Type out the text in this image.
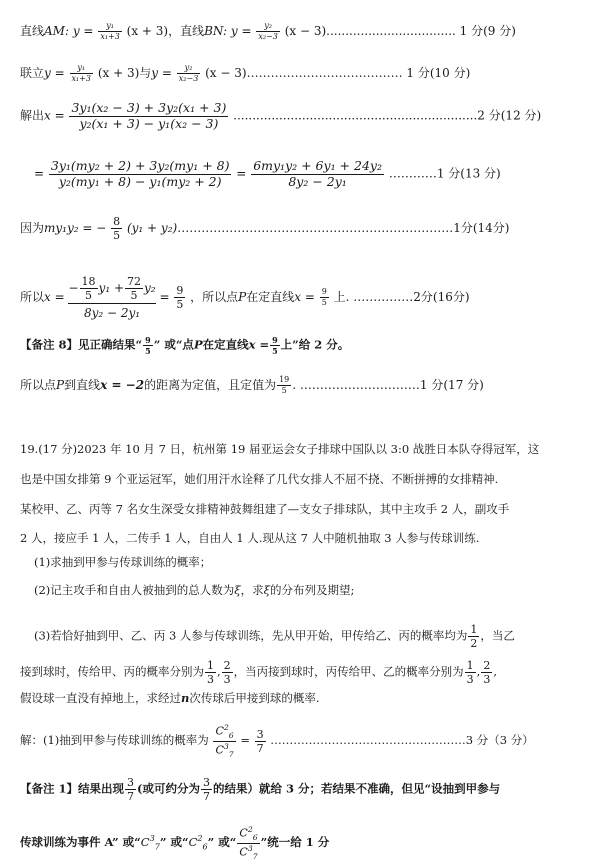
直线AM: $y = \frac{\text{y₁}}{\text{x₁+3}} (x + 3)$，直线BN: $y = \frac{\text{y₂}}{\text{x₂−3}} (x - 3)$.................................. 1 分(9 分)
联立$y = \frac{\text{y₁}}{\text{x₁+3}} (x + 3)$与$y = \frac{\text{y₂}}{\text{x₂−3}} (x$ − 3)………………………………… 1 分(10 分)
解出$x = \frac{\text{3y₁(x₂ − 3) + 3y₂(x₁ + 3)}}{\text{y₂(x₁ + 3) − y₁(x₂ − 3)}} ................................................................2$ 分(12 分)
= $\frac{\text{3y₁(my₂ + 2) + 3y₂(my₁ + 8)}}{\text{y₂(my₁ + 8) − y₁(my₂ + 2)}} = \frac{\text{6my₁y₂ + 6y₁ + 24y₂}}{\text{8y₂ − 2y₁}}$ …………1 分(13 分)
因为my₁y₂ = − $\frac{8}{5} (y_1$ + y₂)……………………………………………………………1分(14分)
所以$x = \frac{- \frac{18}{5} y_1 + \frac{72}{5} y_2}{\text{8y₂ − 2y₁}} = \frac{9}{5}$ ，所以点P在定直线$x = \frac{9}{5}$ 上. ……………2分(16分)
【备注 8】见正确结果“ $\frac{9}{5}$ ” 或“点P在定直线$x = \frac{9}{5}$ 上”给 2 分。
所以点P到直线x = −2的距离为定值，且定值为 $\frac{19}{5}$ . …………………………1 分(17 分)
19.(17 分)2023 年 10 月 7 日，杭州第 19 届亚运会女子排球中国队以 3:0 战胜日本队夺得冠军，这
也是中国女排第 9 个亚运冠军，她们用汗水诠释了几代女排人不屈不挠、不断拼搏的女排精神.
某校甲、乙、丙等 7 名女生深受女排精神鼓舞组建了—支女子排球队，其中主攻手 2 人，副攻手
2 人，接应手 1 人，二传手 1 人，自由人 1 人.现从这 7 人中随机抽取 3 人参与传球训练.
(1)求抽到甲参与传球训练的概率；
(2)记主攻手和自由人被抽到的总人数为ξ，求ξ的分布列及期望;
(3)若恰好抽到甲、乙、丙 3 人参与传球训练，先从甲开始，甲传给乙、丙的概率均为 $\frac{1}{2}$ ，当乙
接到球时，传给甲、丙的概率分别为 $\frac{1}{3}$ , $\frac{2}{3}$ ，当丙接到球时，丙传给甲、乙的概率分别为 $\frac{1}{3}$ , $\frac{2}{3}$ ,
假设球一直没有掉地上，求经过n次传球后甲接到球的概率.
解：(1)抽到甲参与传球训练的概率为 $\frac{C^2_6}{C^3_7} = \frac{3}{7}$ ……………………………………………3 分（3 分）
【备注 1】结果出现 $\frac{3}{7}$ (或可约分为 $\frac{3}{7}$ 的结果）就给 3 分；若结果不准确，但见“设抽到甲参与
传球训练为事件 A” 或“$C^3_7$” 或“$C^2_6$” 或“ $\frac{C^2_6}{C^3_7}$ ”统一给 1 分
